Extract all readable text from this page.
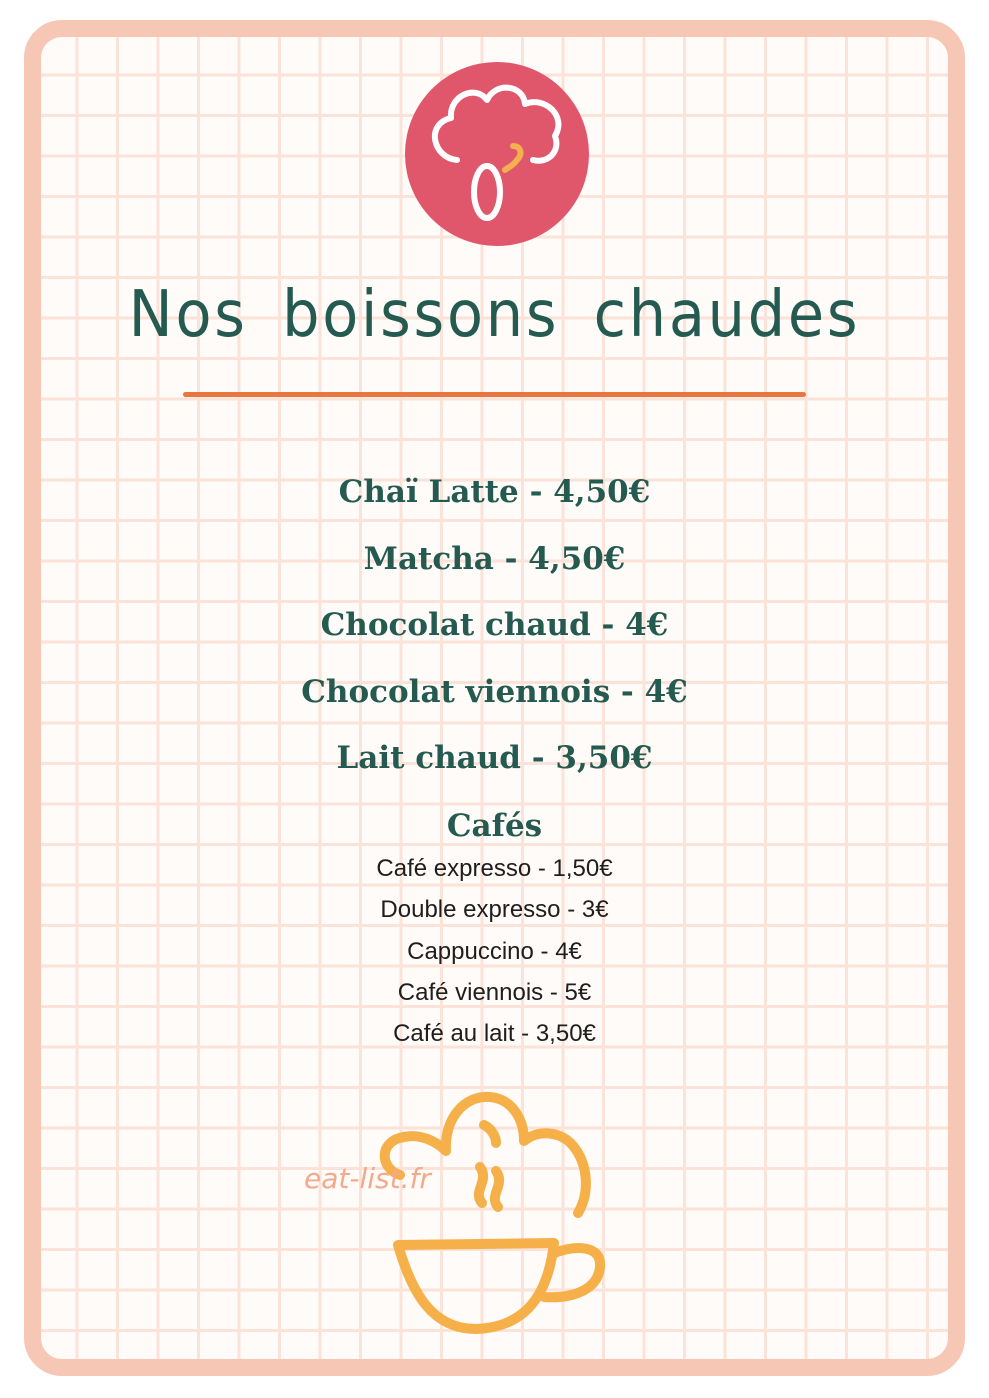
Nos boissons chaudes
Chaï Latte - 4,50€
Matcha - 4,50€
Chocolat chaud - 4€
Chocolat viennois - 4€
Lait chaud - 3,50€
Cafés
Café expresso - 1,50€
Double expresso - 3€
Cappuccino - 4€
Café viennois - 5€
Café au lait - 3,50€
eat-list.fr
